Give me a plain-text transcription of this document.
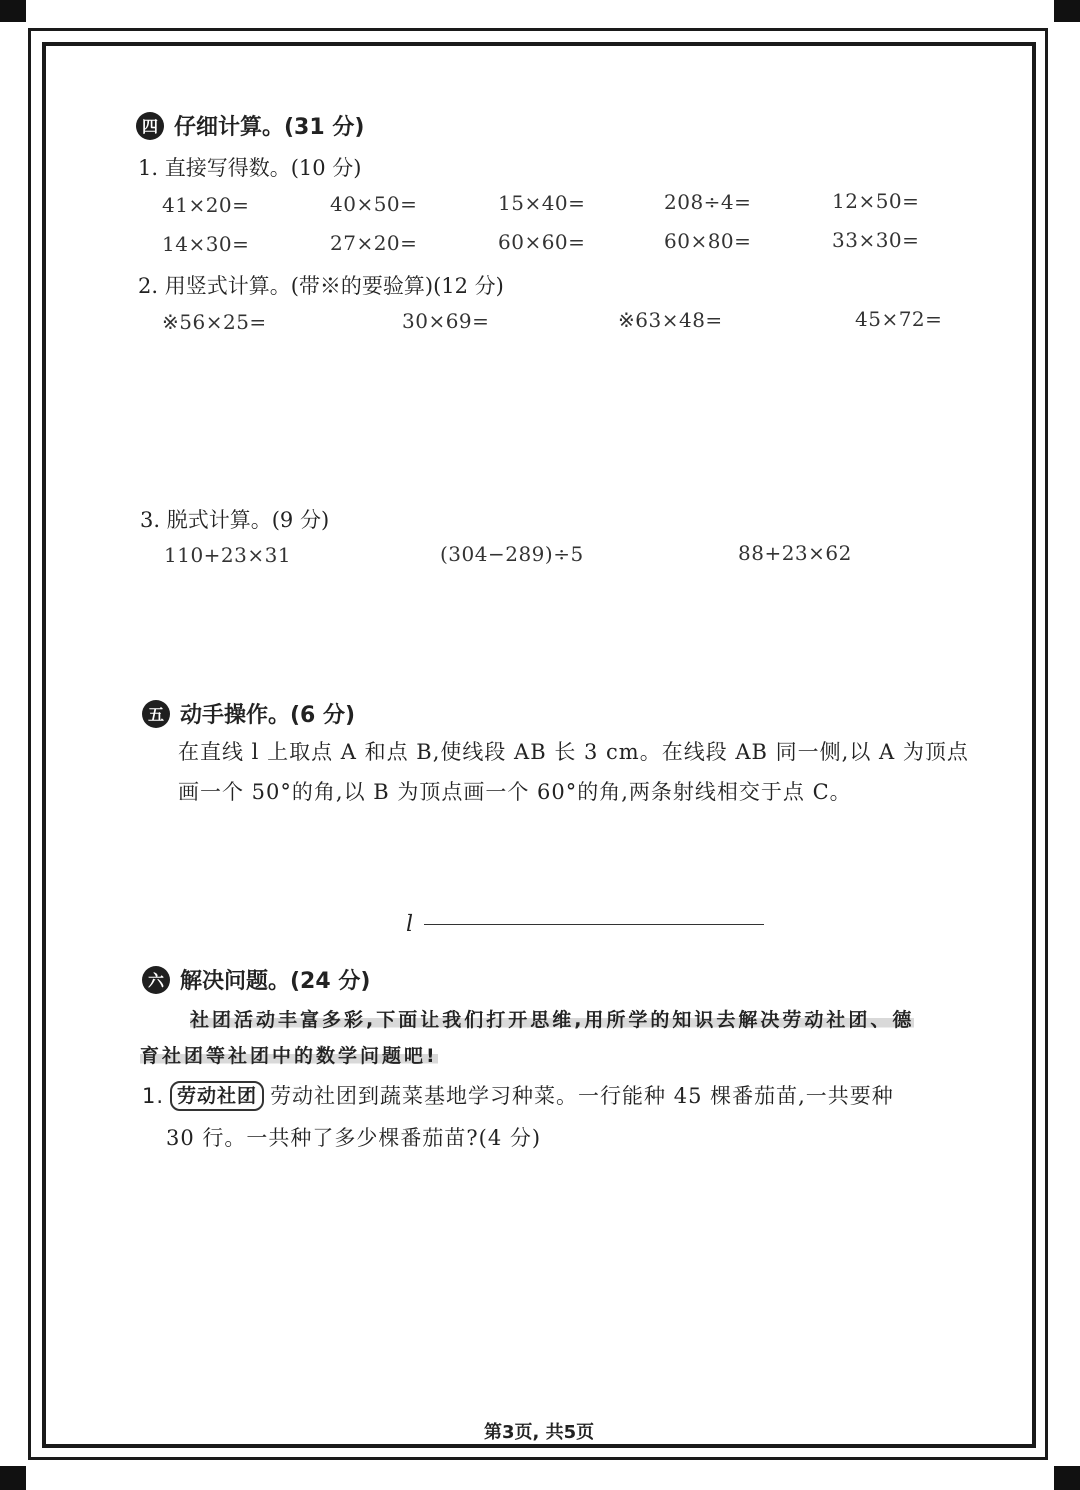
四 仔细计算。(31 分)
1. 直接写得数。(10 分)
41×20=	40×50=	15×40=	208÷4=	12×50=
14×30=	27×20=	60×60=	60×80=	33×30=
2. 用竖式计算。(带※的要验算)(12 分)
※56×25=	30×69=	※63×48=	45×72=
3. 脱式计算。(9 分)
110+23×31	(304−289)÷5	88+23×62
五 动手操作。(6 分)
在直线 l 上取点 A 和点 B,使线段 AB 长 3 cm。在线段 AB 同一侧,以 A 为顶点
画一个 50°的角,以 B 为顶点画一个 60°的角,两条射线相交于点 C。
l
六 解决问题。(24 分)
社团活动丰富多彩,下面让我们打开思维,用所学的知识去解决劳动社团、德
育社团等社团中的数学问题吧!
1. 劳动社团 劳动社团到蔬菜基地学习种菜。一行能种 45 棵番茄苗,一共要种
30 行。一共种了多少棵番茄苗?(4 分)
第3页, 共5页
